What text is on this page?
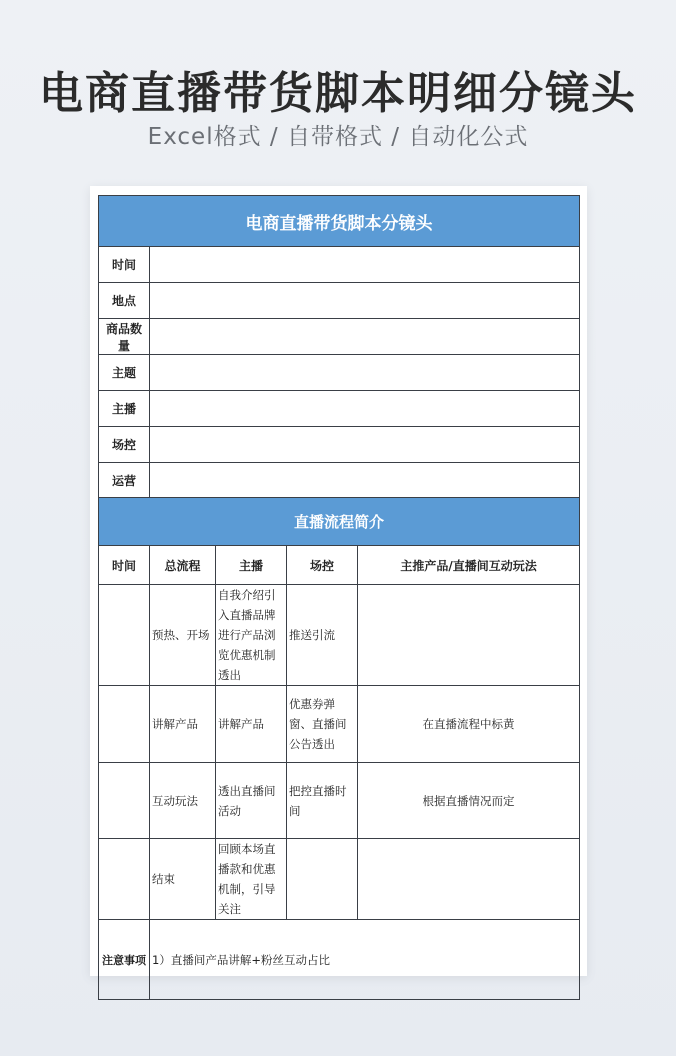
电商直播带货脚本明细分镜头
Excel格式 / 自带格式 / 自动化公式
电商直播带货脚本分镜头				
时间				
地点				
商品数量				
主题				
主播				
场控				
运营				
直播流程简介				
时间	总流程	主播	场控	主推产品/直播间互动玩法
	预热、开场	自我介绍引入直播品牌进行产品浏览优惠机制透出	推送引流	
	讲解产品	讲解产品	优惠券弹窗、直播间公告透出	在直播流程中标黄
	互动玩法	透出直播间活动	把控直播时间	根据直播情况而定
	结束	回顾本场直播款和优惠机制，引导关注		
注意事项	1）直播间产品讲解+粉丝互动占比			
